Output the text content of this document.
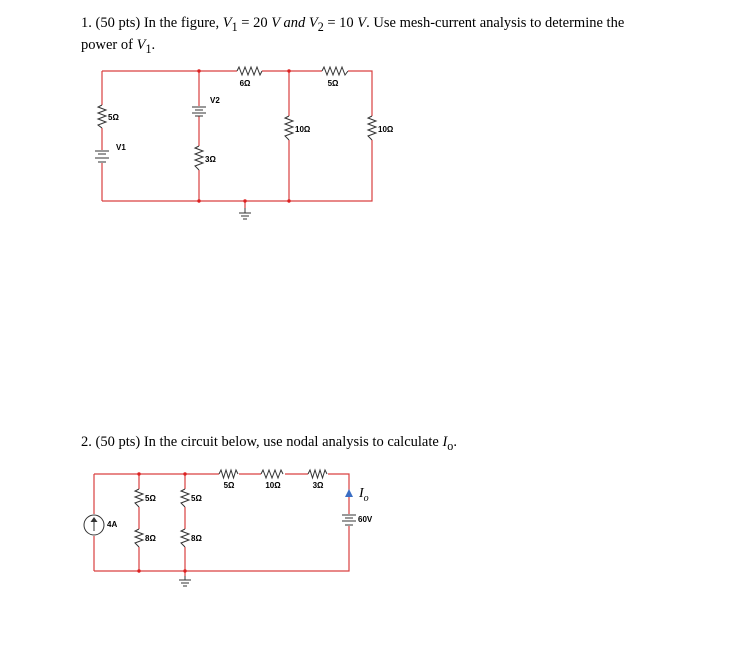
1. (50 pts) In the figure, $V_1 = 20$ V and $V_2 = 10$ V. Use mesh-current analysis to determine the
power of $V_1$.
2. (50 pts) In the circuit below, use nodal analysis to calculate $I_o$.
6Ω	5Ω
V2
5Ω
V1
3Ω
10Ω	10Ω
5Ω	10Ω	3Ω
5Ω	5Ω
8Ω	8Ω
4A
60V
$I_o$
